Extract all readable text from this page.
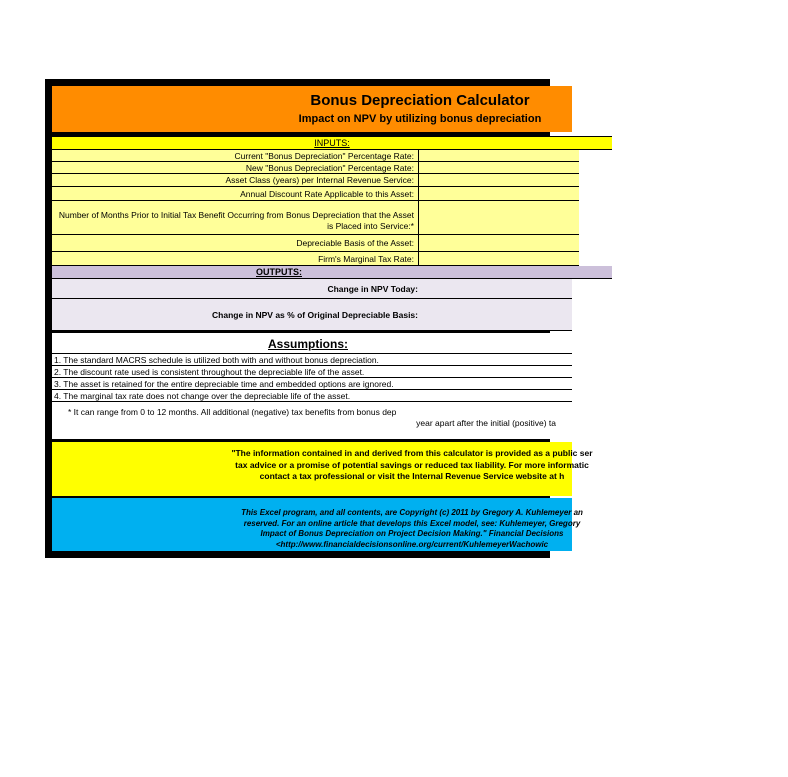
Bonus Depreciation Calculator
Impact on NPV by utilizing bonus depreciation
INPUTS:
Current "Bonus Depreciation" Percentage Rate:
New "Bonus Depreciation" Percentage Rate:
Asset Class (years) per Internal Revenue Service:
Annual Discount Rate Applicable to this Asset:
Number of Months Prior to Initial Tax Benefit Occurring from Bonus Depreciation that the Asset is Placed into Service:*
Depreciable Basis of the Asset:
Firm's Marginal Tax Rate:
OUTPUTS:
Change in NPV Today:
Change in NPV as % of Original Depreciable Basis:
Assumptions:
1. The standard MACRS schedule is utilized both with and without bonus depreciation.
2. The discount rate used is consistent throughout the depreciable life of the asset.
3. The asset is retained for the entire depreciable time and embedded options are ignored.
4. The marginal tax rate does not change over the depreciable life of the asset.
* It can range from 0 to 12 months. All additional (negative) tax benefits from bonus dep
year apart after the initial (positive) ta
"The information contained in and derived from this calculator is provided as a public ser
tax advice or a promise of potential savings or reduced tax liability. For more informatic
contact a tax professional or visit the Internal Revenue Service website at h
This Excel program, and all contents, are Copyright (c) 2011 by Gregory A. Kuhlemeyer an
reserved. For an online article that develops this Excel model, see: Kuhlemeyer, Gregory
Impact of Bonus Depreciation on Project Decision Making." Financial Decisions
<http://www.financialdecisionsonline.org/current/KuhlemeyerWachowic
